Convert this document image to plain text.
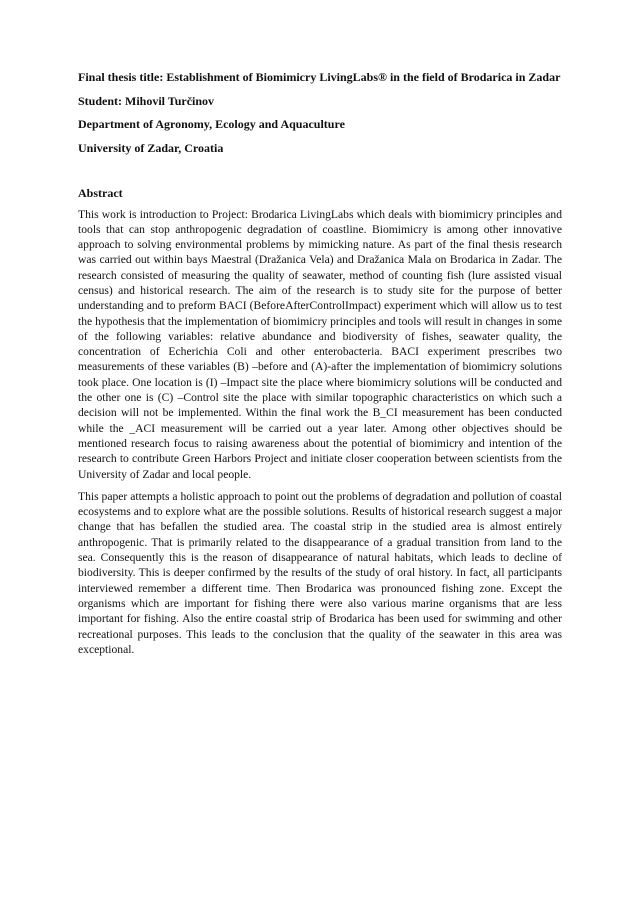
Final thesis title: Establishment of Biomimicry LivingLabs® in the field of Brodarica in Zadar

Student: Mihovil Turčinov

Department of Agronomy, Ecology and Aquaculture

University of Zadar, Croatia

Abstract

This work is introduction to Project: Brodarica LivingLabs which deals with biomimicry principles and tools that can stop anthropogenic degradation of coastline. Biomimicry is among other innovative approach to solving environmental problems by mimicking nature. As part of the final thesis research was carried out within bays Maestral (Dražanica Vela) and Dražanica Mala on Brodarica in Zadar. The research consisted of measuring the quality of seawater, method of counting fish (lure assisted visual census) and historical research. The aim of the research is to study site for the purpose of better understanding and to preform BACI (BeforeAfterControlImpact) experiment which will allow us to test the hypothesis that the implementation of biomimicry principles and tools will result in changes in some of the following variables: relative abundance and biodiversity of fishes, seawater quality, the concentration of Echerichia Coli and other enterobacteria. BACI experiment prescribes two measurements of these variables (B) –before and (A)-after the implementation of biomimicry solutions took place. One location is (I) –Impact site the place where biomimicry solutions will be conducted and the other one is (C) –Control site the place with similar topographic characteristics on which such a decision will not be implemented. Within the final work the B_CI measurement has been conducted while the _ACI measurement will be carried out a year later. Among other objectives should be mentioned research focus to raising awareness about the potential of biomimicry and intention of the research to contribute Green Harbors Project and initiate closer cooperation between scientists from the University of Zadar and local people.

This paper attempts a holistic approach to point out the problems of degradation and pollution of coastal ecosystems and to explore what are the possible solutions. Results of historical research suggest a major change that has befallen the studied area. The coastal strip in the studied area is almost entirely anthropogenic. That is primarily related to the disappearance of a gradual transition from land to the sea. Consequently this is the reason of disappearance of natural habitats, which leads to decline of biodiversity. This is deeper confirmed by the results of the study of oral history. In fact, all participants interviewed remember a different time. Then Brodarica was pronounced fishing zone. Except the organisms which are important for fishing there were also various marine organisms that are less important for fishing. Also the entire coastal strip of Brodarica has been used for swimming and other recreational purposes. This leads to the conclusion that the quality of the seawater in this area was exceptional.
